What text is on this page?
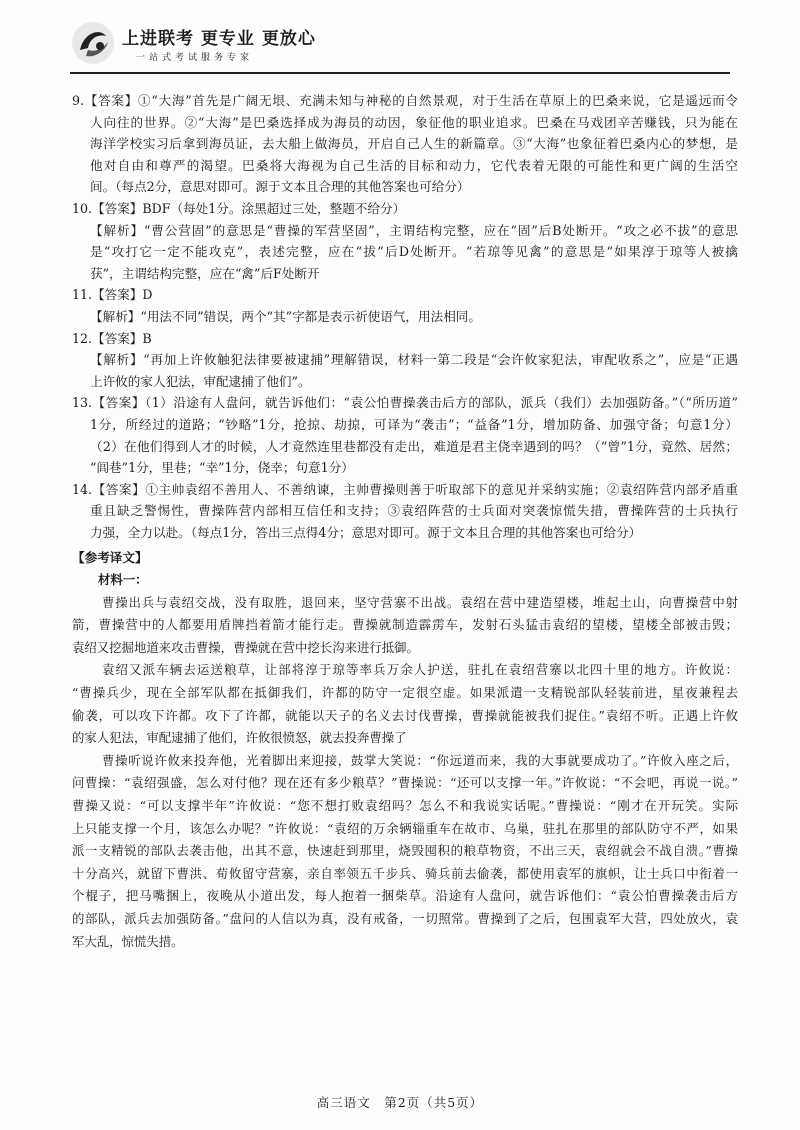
上进联考 更专业 更放心
一站式考试服务专家
9.【答案】①“大海”首先是广阔无垠、充满未知与神秘的自然景观，对于生活在草原上的巴桑来说，它是遥远而令
人向往的世界。②“大海”是巴桑选择成为海员的动因，象征他的职业追求。巴桑在马戏团辛苦赚钱，只为能在
海洋学校实习后拿到海员证，去大船上做海员，开启自己人生的新篇章。③“大海”也象征着巴桑内心的梦想，是
他对自由和尊严的渴望。巴桑将大海视为自己生活的目标和动力，它代表着无限的可能性和更广阔的生活空
间。（每点2分，意思对即可。源于文本且合理的其他答案也可给分）
10.【答案】BDF（每处1分。涂黑超过三处，整题不给分）
【解析】“曹公营固”的意思是“曹操的军营坚固”，主谓结构完整，应在“固”后B处断开。“攻之必不拔”的意思
是“攻打它一定不能攻克”，表述完整，应在“拔”后D处断开。“若琼等见禽”的意思是“如果淳于琼等人被擒
获”，主谓结构完整，应在“禽”后F处断开
11.【答案】D
【解析】“用法不同”错误，两个“其”字都是表示祈使语气，用法相同。
12.【答案】B
【解析】“再加上许攸触犯法律要被逮捕”理解错误，材料一第二段是“会许攸家犯法，审配收系之”，应是“正遇
上许攸的家人犯法，审配逮捕了他们”。
13.【答案】（1）沿途有人盘问，就告诉他们：“袁公怕曹操袭击后方的部队，派兵（我们）去加强防备。”（“所历道”
1分，所经过的道路；“钞略”1分，抢掠、劫掠，可译为“袭击”；“益备”1分，增加防备、加强守备；句意1分）
（2）在他们得到人才的时候，人才竟然连里巷都没有走出，难道是君主侥幸遇到的吗？（“曾”1分，竟然、居然；
“闾巷”1分，里巷；“幸”1分，侥幸；句意1分）
14.【答案】①主帅袁绍不善用人、不善纳谏，主帅曹操则善于听取部下的意见并采纳实施；②袁绍阵营内部矛盾重
重且缺乏警惕性，曹操阵营内部相互信任和支持；③袁绍阵营的士兵面对突袭惊慌失措，曹操阵营的士兵执行
力强，全力以赴。（每点1分，答出三点得4分；意思对即可。源于文本且合理的其他答案也可给分）
【参考译文】
材料一：
曹操出兵与袁绍交战，没有取胜，退回来，坚守营寨不出战。袁绍在营中建造望楼，堆起土山，向曹操营中射
箭，曹操营中的人都要用盾牌挡着箭才能行走。曹操就制造霹雳车，发射石头猛击袁绍的望楼，望楼全部被击毁；
袁绍又挖掘地道来攻击曹操，曹操就在营中挖长沟来进行抵御。
袁绍又派车辆去运送粮草，让部将淳于琼等率兵万余人护送，驻扎在袁绍营寨以北四十里的地方。许攸说：
“曹操兵少，现在全部军队都在抵御我们，许都的防守一定很空虚。如果派遣一支精锐部队轻装前进，星夜兼程去
偷袭，可以攻下许都。攻下了许都，就能以天子的名义去讨伐曹操，曹操就能被我们捉住。”袁绍不听。正遇上许攸
的家人犯法，审配逮捕了他们，许攸很愤怒，就去投奔曹操了
曹操听说许攸来投奔他，光着脚出来迎接，鼓掌大笑说：“你远道而来，我的大事就要成功了。”许攸入座之后，
问曹操：“袁绍强盛，怎么对付他？现在还有多少粮草？”曹操说：“还可以支撑一年。”许攸说：“不会吧，再说一说。”
曹操又说：“可以支撑半年”许攸说：“您不想打败袁绍吗？怎么不和我说实话呢。”曹操说：“刚才在开玩笑。实际
上只能支撑一个月，该怎么办呢？”许攸说：“袁绍的万余辆辎重车在故市、乌巢，驻扎在那里的部队防守不严，如果
派一支精锐的部队去袭击他，出其不意，快速赶到那里，烧毁囤积的粮草物资，不出三天，袁绍就会不战自溃。”曹操
十分高兴，就留下曹洪、荀攸留守营寨，亲自率领五千步兵、骑兵前去偷袭，都使用袁军的旗帜，让士兵口中衔着一
个棍子，把马嘴捆上，夜晚从小道出发，每人抱着一捆柴草。沿途有人盘问，就告诉他们：“袁公怕曹操袭击后方
的部队，派兵去加强防备。”盘问的人信以为真，没有戒备，一切照常。曹操到了之后，包围袁军大营，四处放火，袁
军大乱，惊慌失措。
高三语文　第2页（共5页）
